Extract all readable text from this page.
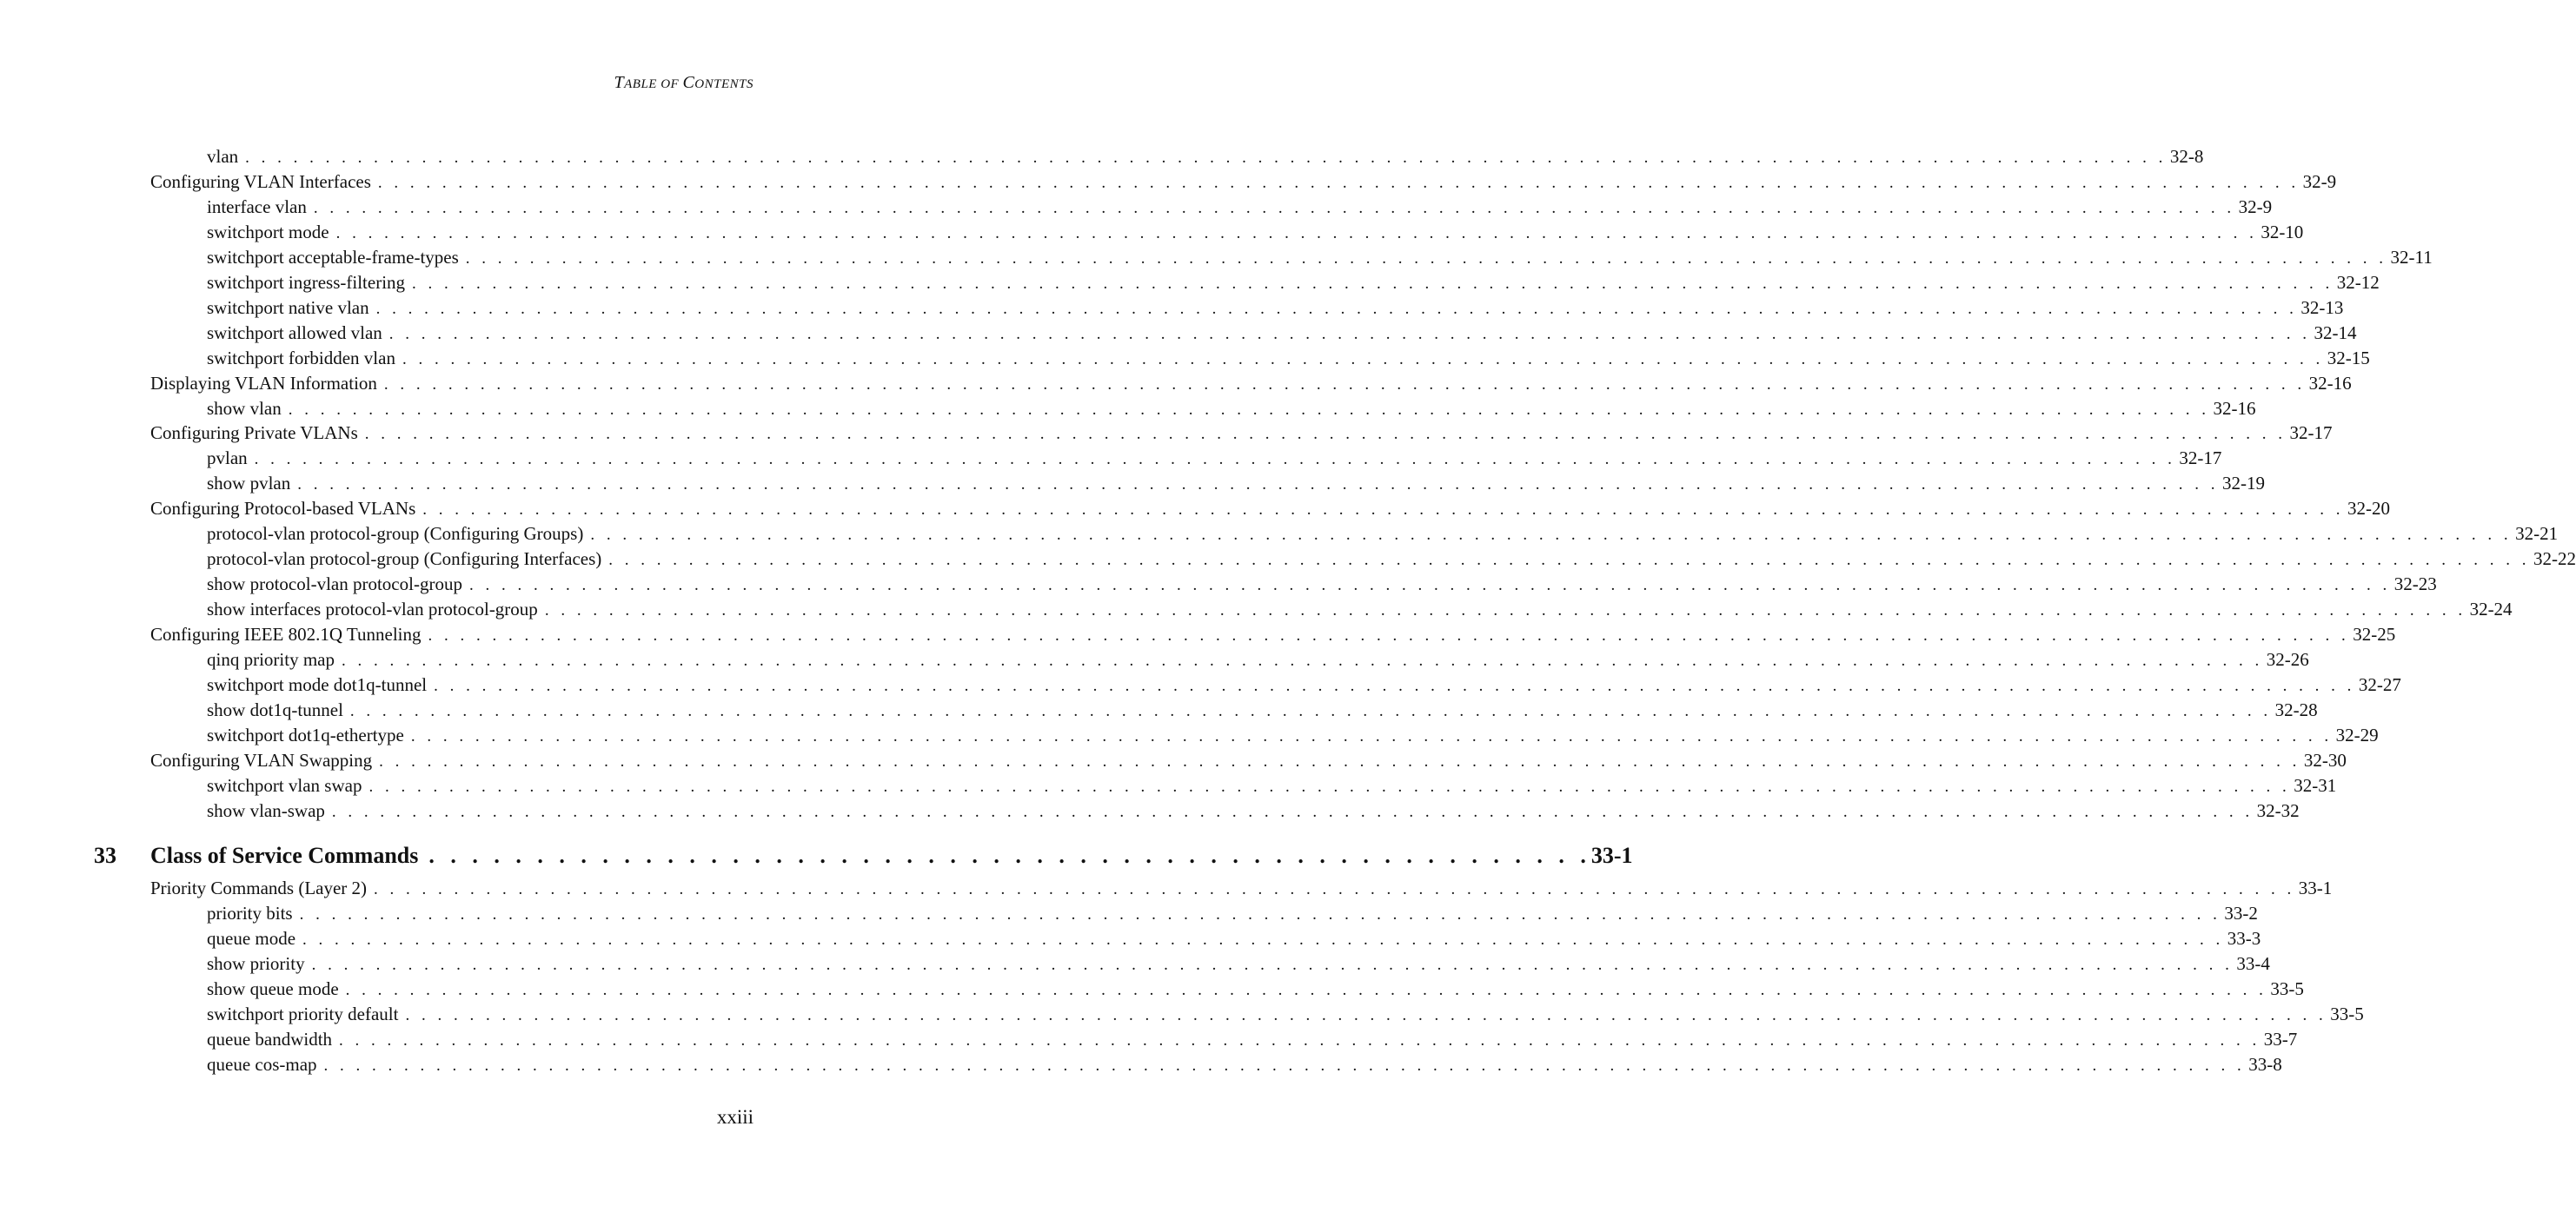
TABLE OF CONTENTS
vlan . . . . . . . . . . . . . . . . . . . . . . . . . . . . . . . . . . . . . . . . . . . . . . . . . . . . . . . . . . . . . . . . . . . . . . . . . . . . . . . . . . . . . . . . . . . . . . . . . . . . . . . . . . . . . . . . . . . . . . . . 32-8
Configuring VLAN Interfaces . . . . . . . . . . . . . . . . . . . . . . . . . . . . . . . . . . . . . . . . . . . . . . . . . . . . . . . . . . . . . . . . . . . . . . . . . . . . . . . . . . . . . . . . . . . . . . . . . . . . . . . . . . . . . . . . . . . . . . . . 32-9
interface vlan . . . . . . . . . . . . . . . . . . . . . . . . . . . . . . . . . . . . . . . . . . . . . . . . . . . . . . . . . . . . . . . . . . . . . . . . . . . . . . . . . . . . . . . . . . . . . . . . . . . . . . . . . . . . . . . . . . . . . . . . 32-9
switchport mode . . . . . . . . . . . . . . . . . . . . . . . . . . . . . . . . . . . . . . . . . . . . . . . . . . . . . . . . . . . . . . . . . . . . . . . . . . . . . . . . . . . . . . . . . . . . . . . . . . . . . . . . . . . . . . . . . . . . . . . . 32-10
switchport acceptable-frame-types . . . . . . . . . . . . . . . . . . . . . . . . . . . . . . . . . . . . . . . . . . . . . . . . . . . . . . . . . . . . . . . . . . . . . . . . . . . . . . . . . . . . . . . . . . . . . . . . . . . . . . . . . . . . . . . . . . . . . . . . 32-11
switchport ingress-filtering . . . . . . . . . . . . . . . . . . . . . . . . . . . . . . . . . . . . . . . . . . . . . . . . . . . . . . . . . . . . . . . . . . . . . . . . . . . . . . . . . . . . . . . . . . . . . . . . . . . . . . . . . . . . . . . . . . . . . . . . 32-12
switchport native vlan . . . . . . . . . . . . . . . . . . . . . . . . . . . . . . . . . . . . . . . . . . . . . . . . . . . . . . . . . . . . . . . . . . . . . . . . . . . . . . . . . . . . . . . . . . . . . . . . . . . . . . . . . . . . . . . . . . . . . . . . 32-13
switchport allowed vlan . . . . . . . . . . . . . . . . . . . . . . . . . . . . . . . . . . . . . . . . . . . . . . . . . . . . . . . . . . . . . . . . . . . . . . . . . . . . . . . . . . . . . . . . . . . . . . . . . . . . . . . . . . . . . . . . . . . . . . . . 32-14
switchport forbidden vlan . . . . . . . . . . . . . . . . . . . . . . . . . . . . . . . . . . . . . . . . . . . . . . . . . . . . . . . . . . . . . . . . . . . . . . . . . . . . . . . . . . . . . . . . . . . . . . . . . . . . . . . . . . . . . . . . . . . . . . . . 32-15
Displaying VLAN Information . . . . . . . . . . . . . . . . . . . . . . . . . . . . . . . . . . . . . . . . . . . . . . . . . . . . . . . . . . . . . . . . . . . . . . . . . . . . . . . . . . . . . . . . . . . . . . . . . . . . . . . . . . . . . . . . . . . . . . . . 32-16
show vlan . . . . . . . . . . . . . . . . . . . . . . . . . . . . . . . . . . . . . . . . . . . . . . . . . . . . . . . . . . . . . . . . . . . . . . . . . . . . . . . . . . . . . . . . . . . . . . . . . . . . . . . . . . . . . . . . . . . . . . . . 32-16
Configuring Private VLANs . . . . . . . . . . . . . . . . . . . . . . . . . . . . . . . . . . . . . . . . . . . . . . . . . . . . . . . . . . . . . . . . . . . . . . . . . . . . . . . . . . . . . . . . . . . . . . . . . . . . . . . . . . . . . . . . . . . . . . . . 32-17
pvlan . . . . . . . . . . . . . . . . . . . . . . . . . . . . . . . . . . . . . . . . . . . . . . . . . . . . . . . . . . . . . . . . . . . . . . . . . . . . . . . . . . . . . . . . . . . . . . . . . . . . . . . . . . . . . . . . . . . . . . . . 32-17
show pvlan . . . . . . . . . . . . . . . . . . . . . . . . . . . . . . . . . . . . . . . . . . . . . . . . . . . . . . . . . . . . . . . . . . . . . . . . . . . . . . . . . . . . . . . . . . . . . . . . . . . . . . . . . . . . . . . . . . . . . . . . 32-19
Configuring Protocol-based VLANs . . . . . . . . . . . . . . . . . . . . . . . . . . . . . . . . . . . . . . . . . . . . . . . . . . . . . . . . . . . . . . . . . . . . . . . . . . . . . . . . . . . . . . . . . . . . . . . . . . . . . . . . . . . . . . . . . . . . . . . . 32-20
protocol-vlan protocol-group (Configuring Groups) . . . . . . . . . . . . . . . . . . . . . . . . . . . . . . . . . . . . . . . . . . . . . . . . . . . . . . . . . . . . . . . . . . . . . . . . . . . . . . . . . . . . . . . . . . . . . . . . . . . . . . . . . . . . . . . . . . . . . . . . 32-21
protocol-vlan protocol-group (Configuring Interfaces) . . . . . . . . . . . . . . . . . . . . . . . . . . . . . . . . . . . . . . . . . . . . . . . . . . . . . . . . . . . . . . . . . . . . . . . . . . . . . . . . . . . . . . . . . . . . . . . . . . . . . . . . . . . . . . . . . . . . . . . . 32-22
show protocol-vlan protocol-group . . . . . . . . . . . . . . . . . . . . . . . . . . . . . . . . . . . . . . . . . . . . . . . . . . . . . . . . . . . . . . . . . . . . . . . . . . . . . . . . . . . . . . . . . . . . . . . . . . . . . . . . . . . . . . . . . . . . . . . . 32-23
show interfaces protocol-vlan protocol-group . . . . . . . . . . . . . . . . . . . . . . . . . . . . . . . . . . . . . . . . . . . . . . . . . . . . . . . . . . . . . . . . . . . . . . . . . . . . . . . . . . . . . . . . . . . . . . . . . . . . . . . . . . . . . . . . . . . . . . . . 32-24
Configuring IEEE 802.1Q Tunneling . . . . . . . . . . . . . . . . . . . . . . . . . . . . . . . . . . . . . . . . . . . . . . . . . . . . . . . . . . . . . . . . . . . . . . . . . . . . . . . . . . . . . . . . . . . . . . . . . . . . . . . . . . . . . . . . . . . . . . . . 32-25
qinq priority map . . . . . . . . . . . . . . . . . . . . . . . . . . . . . . . . . . . . . . . . . . . . . . . . . . . . . . . . . . . . . . . . . . . . . . . . . . . . . . . . . . . . . . . . . . . . . . . . . . . . . . . . . . . . . . . . . . . . . . . . 32-26
switchport mode dot1q-tunnel . . . . . . . . . . . . . . . . . . . . . . . . . . . . . . . . . . . . . . . . . . . . . . . . . . . . . . . . . . . . . . . . . . . . . . . . . . . . . . . . . . . . . . . . . . . . . . . . . . . . . . . . . . . . . . . . . . . . . . . . 32-27
show dot1q-tunnel . . . . . . . . . . . . . . . . . . . . . . . . . . . . . . . . . . . . . . . . . . . . . . . . . . . . . . . . . . . . . . . . . . . . . . . . . . . . . . . . . . . . . . . . . . . . . . . . . . . . . . . . . . . . . . . . . . . . . . . . 32-28
switchport dot1q-ethertype . . . . . . . . . . . . . . . . . . . . . . . . . . . . . . . . . . . . . . . . . . . . . . . . . . . . . . . . . . . . . . . . . . . . . . . . . . . . . . . . . . . . . . . . . . . . . . . . . . . . . . . . . . . . . . . . . . . . . . . . 32-29
Configuring VLAN Swapping . . . . . . . . . . . . . . . . . . . . . . . . . . . . . . . . . . . . . . . . . . . . . . . . . . . . . . . . . . . . . . . . . . . . . . . . . . . . . . . . . . . . . . . . . . . . . . . . . . . . . . . . . . . . . . . . . . . . . . . . 32-30
switchport vlan swap . . . . . . . . . . . . . . . . . . . . . . . . . . . . . . . . . . . . . . . . . . . . . . . . . . . . . . . . . . . . . . . . . . . . . . . . . . . . . . . . . . . . . . . . . . . . . . . . . . . . . . . . . . . . . . . . . . . . . . . . 32-31
show vlan-swap . . . . . . . . . . . . . . . . . . . . . . . . . . . . . . . . . . . . . . . . . . . . . . . . . . . . . . . . . . . . . . . . . . . . . . . . . . . . . . . . . . . . . . . . . . . . . . . . . . . . . . . . . . . . . . . . . . . . . . . . 32-32
33	Class of Service Commands . . . . . . . . . . . . . . . . . . . . . . . . . . . . . . . . . . . . . . . . . . . . . . . . . . . . . . 33-1
Priority Commands (Layer 2) . . . . . . . . . . . . . . . . . . . . . . . . . . . . . . . . . . . . . . . . . . . . . . . . . . . . . . . . . . . . . . . . . . . . . . . . . . . . . . . . . . . . . . . . . . . . . . . . . . . . . . . . . . . . . . . . . . . . . . . . 33-1
priority bits . . . . . . . . . . . . . . . . . . . . . . . . . . . . . . . . . . . . . . . . . . . . . . . . . . . . . . . . . . . . . . . . . . . . . . . . . . . . . . . . . . . . . . . . . . . . . . . . . . . . . . . . . . . . . . . . . . . . . . . . 33-2
queue mode . . . . . . . . . . . . . . . . . . . . . . . . . . . . . . . . . . . . . . . . . . . . . . . . . . . . . . . . . . . . . . . . . . . . . . . . . . . . . . . . . . . . . . . . . . . . . . . . . . . . . . . . . . . . . . . . . . . . . . . . 33-3
show priority . . . . . . . . . . . . . . . . . . . . . . . . . . . . . . . . . . . . . . . . . . . . . . . . . . . . . . . . . . . . . . . . . . . . . . . . . . . . . . . . . . . . . . . . . . . . . . . . . . . . . . . . . . . . . . . . . . . . . . . . 33-4
show queue mode . . . . . . . . . . . . . . . . . . . . . . . . . . . . . . . . . . . . . . . . . . . . . . . . . . . . . . . . . . . . . . . . . . . . . . . . . . . . . . . . . . . . . . . . . . . . . . . . . . . . . . . . . . . . . . . . . . . . . . . . 33-5
switchport priority default . . . . . . . . . . . . . . . . . . . . . . . . . . . . . . . . . . . . . . . . . . . . . . . . . . . . . . . . . . . . . . . . . . . . . . . . . . . . . . . . . . . . . . . . . . . . . . . . . . . . . . . . . . . . . . . . . . . . . . . . 33-5
queue bandwidth . . . . . . . . . . . . . . . . . . . . . . . . . . . . . . . . . . . . . . . . . . . . . . . . . . . . . . . . . . . . . . . . . . . . . . . . . . . . . . . . . . . . . . . . . . . . . . . . . . . . . . . . . . . . . . . . . . . . . . . . 33-7
queue cos-map . . . . . . . . . . . . . . . . . . . . . . . . . . . . . . . . . . . . . . . . . . . . . . . . . . . . . . . . . . . . . . . . . . . . . . . . . . . . . . . . . . . . . . . . . . . . . . . . . . . . . . . . . . . . . . . . . . . . . . . . 33-8
xxiii
